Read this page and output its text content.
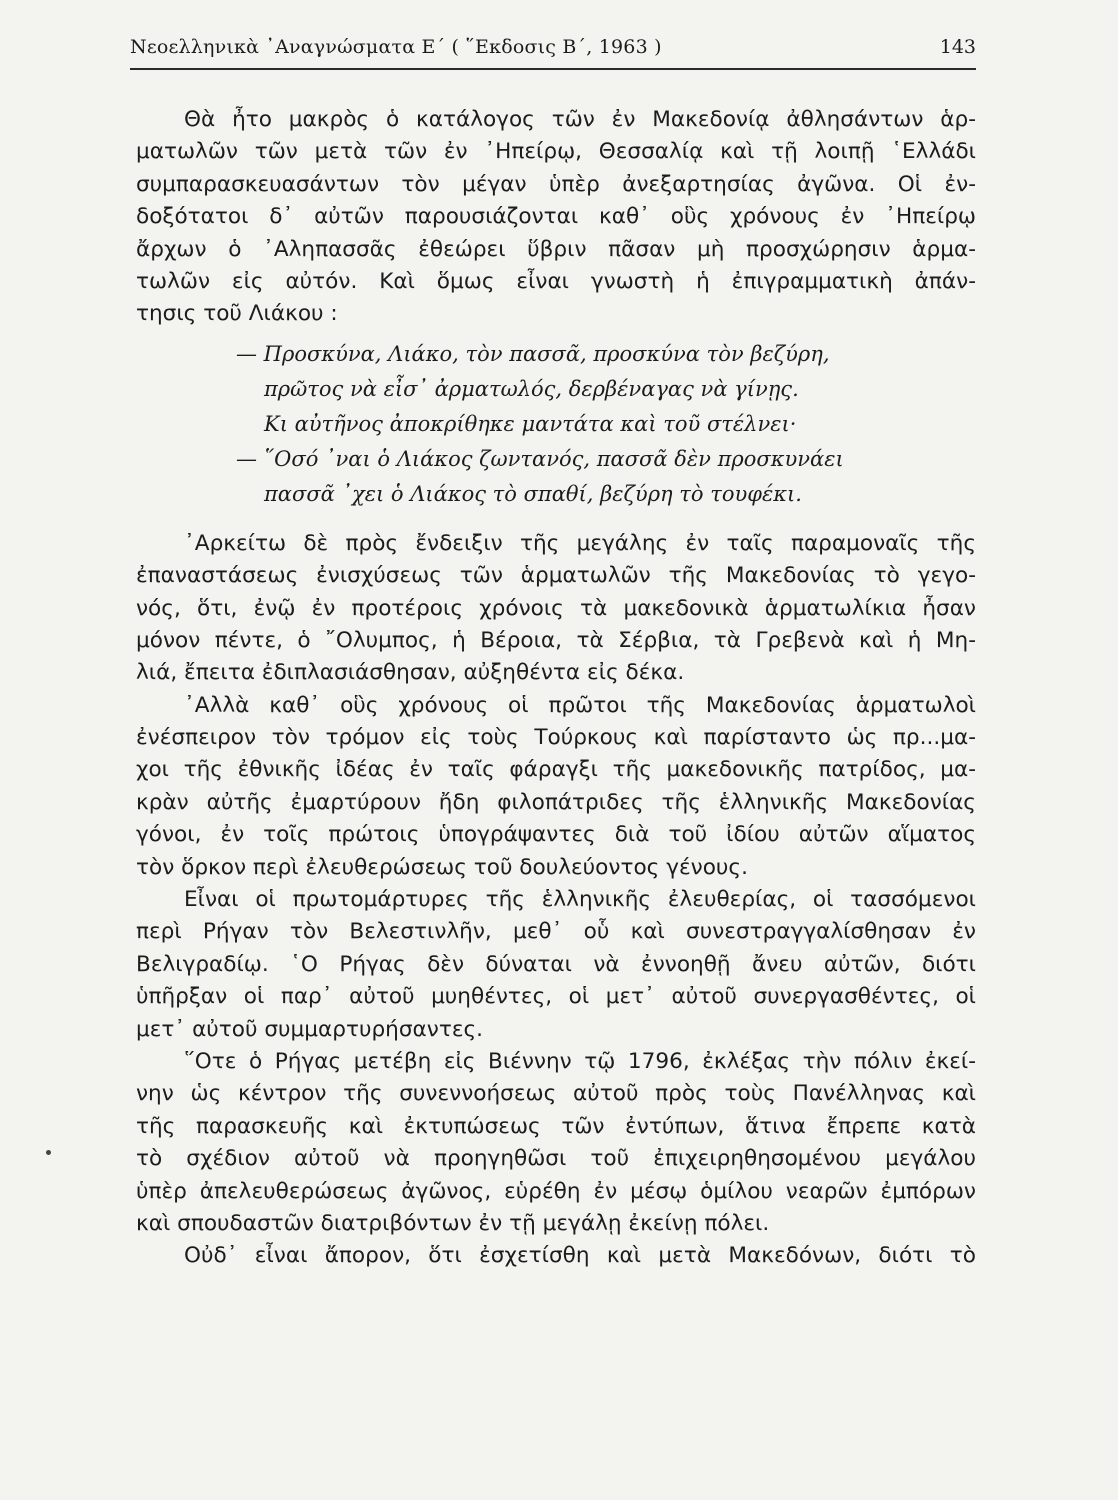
Νεοελληνικὰ ᾿Αναγνώσματα Ε΄ ( ῞Εκδοσις Β΄, 1963 )	143
Θὰ ἦτο μακρὸς ὁ κατάλογος τῶν ἐν Μακεδονίᾳ ἀθλησάντων ἁρ-
ματωλῶν τῶν μετὰ τῶν ἐν ᾿Ηπείρῳ, Θεσσαλίᾳ καὶ τῇ λοιπῇ ῾Ελλάδι
συμπαρασκευασάντων τὸν μέγαν ὑπὲρ ἀνεξαρτησίας ἀγῶνα. Οἱ ἐν-
δοξότατοι δ᾿ αὐτῶν παρουσιάζονται καθ᾿ οὓς χρόνους ἐν ᾿Ηπείρῳ
ἄρχων ὁ ᾿Αληπασσᾶς ἐθεώρει ὕβριν πᾶσαν μὴ προσχώρησιν ἁρμα-
τωλῶν εἰς αὐτόν. Καὶ ὅμως εἶναι γνωστὴ ἡ ἐπιγραμματικὴ ἀπάν-
τησις τοῦ Λιάκου :
— Προσκύνα, Λιάκο, τὸν πασσᾶ, προσκύνα τὸν βεζύρη,
πρῶτος νὰ εἶσ᾿ ἀρματωλός, δερβέναγας νὰ γίνῃς.
Κι αὐτῆνος ἀποκρίθηκε μαντάτα καὶ τοῦ στέλνει·
— ῞Οσό ᾿ναι ὁ Λιάκος ζωντανός, πασσᾶ δὲν προσκυνάει
πασσᾶ ᾿χει ὁ Λιάκος τὸ σπαθί, βεζύρη τὸ τουφέκι.
᾿Αρκείτω δὲ πρὸς ἔνδειξιν τῆς μεγάλης ἐν ταῖς παραμοναῖς τῆς
ἐπαναστάσεως ἐνισχύσεως τῶν ἁρματωλῶν τῆς Μακεδονίας τὸ γεγο-
νός, ὅτι, ἐνῷ ἐν προτέροις χρόνοις τὰ μακεδονικὰ ἁρματωλίκια ἦσαν
μόνον πέντε, ὁ ῎Ολυμπος, ἡ Βέροια, τὰ Σέρβια, τὰ Γρεβενὰ καὶ ἡ Μη-
λιά, ἔπειτα ἐδιπλασιάσθησαν, αὐξηθέντα εἰς δέκα.
᾿Αλλὰ καθ᾿ οὓς χρόνους οἱ πρῶτοι τῆς Μακεδονίας ἁρματωλοὶ
ἐνέσπειρον τὸν τρόμον εἰς τοὺς Τούρκους καὶ παρίσταντο ὡς πρ...μα-
χοι τῆς ἐθνικῆς ἰδέας ἐν ταῖς φάραγξι τῆς μακεδονικῆς πατρίδος, μα-
κρὰν αὐτῆς ἐμαρτύρουν ἤδη φιλοπάτριδες τῆς ἑλληνικῆς Μακεδονίας
γόνοι, ἐν τοῖς πρώτοις ὑπογράψαντες διὰ τοῦ ἰδίου αὐτῶν αἵματος
τὸν ὅρκον περὶ ἐλευθερώσεως τοῦ δουλεύοντος γένους.
Εἶναι οἱ πρωτομάρτυρες τῆς ἑλληνικῆς ἐλευθερίας, οἱ τασσόμενοι
περὶ Ρήγαν τὸν Βελεστινλῆν, μεθ᾿ οὗ καὶ συνεστραγγαλίσθησαν ἐν
Βελιγραδίῳ. ῾Ο Ρήγας δὲν δύναται νὰ ἐννοηθῇ ἄνευ αὐτῶν, διότι
ὑπῆρξαν οἱ παρ᾿ αὐτοῦ μυηθέντες, οἱ μετ᾿ αὐτοῦ συνεργασθέντες, οἱ
μετ᾿ αὐτοῦ συμμαρτυρήσαντες.
῞Οτε ὁ Ρήγας μετέβη εἰς Βιέννην τῷ 1796, ἐκλέξας τὴν πόλιν ἐκεί-
νην ὡς κέντρον τῆς συνεννοήσεως αὐτοῦ πρὸς τοὺς Πανέλληνας καὶ
τῆς παρασκευῆς καὶ ἐκτυπώσεως τῶν ἐντύπων, ἅτινα ἔπρεπε κατὰ
τὸ σχέδιον αὐτοῦ νὰ προηγηθῶσι τοῦ ἐπιχειρηθησομένου μεγάλου
ὑπὲρ ἀπελευθερώσεως ἀγῶνος, εὑρέθη ἐν μέσῳ ὁμίλου νεαρῶν ἐμπόρων
καὶ σπουδαστῶν διατριβόντων ἐν τῇ μεγάλῃ ἐκείνῃ πόλει.
Οὐδ᾿ εἶναι ἄπορον, ὅτι ἐσχετίσθη καὶ μετὰ Μακεδόνων, διότι τὸ
